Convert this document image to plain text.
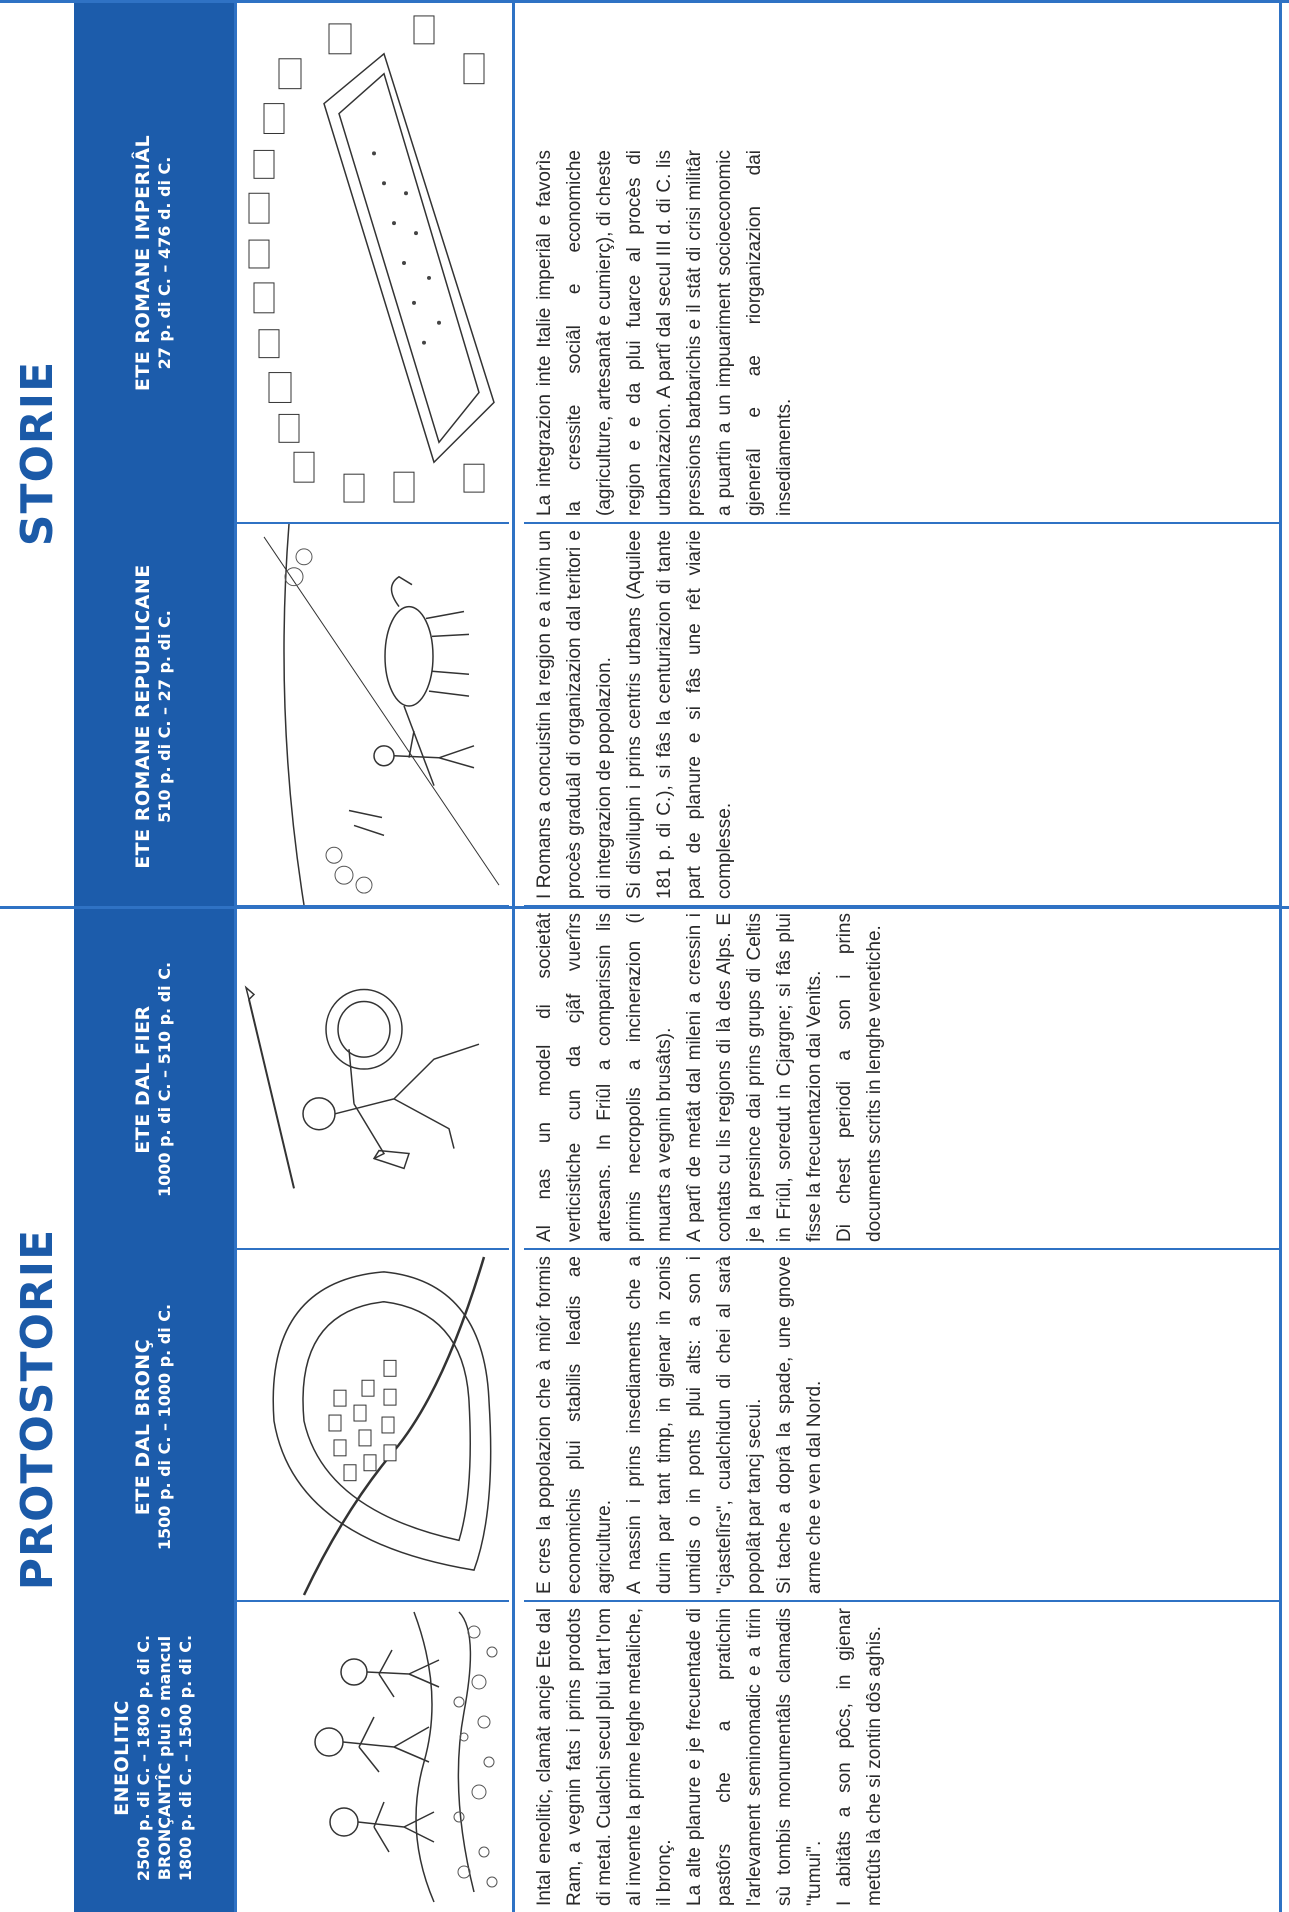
PROTOSTORIE
STORIE
ENEOLITIC 2500 p. di C. – 1800 p. di C. BRONÇANTÎC plui o mancul 1800 p. di C. – 1500 p. di C.
ETE DAL BRONÇ 1500 p. di C. – 1000 p. di C.
ETE DAL FIER 1000 p. di C. – 510 p. di C.
ETE ROMANE REPUBLICANE 510 p. di C. – 27 p. di C.
ETE ROMANE IMPERIÂL 27 p. di C. – 476 d. di C.

Intal eneolitic, clamât ancje Ete dal Ram, a vegnin fats i prins prodots di metal. Cualchi secul plui tart l'om al invente la prime leghe metaliche, il bronç. La alte planure e je frecuentade di pastôrs che a pratichin l'arlevament seminomadic e a tirin sù tombis monumentâls clamadis "tumui". I abitâts a son pôcs, in gjenar metûts là che si zontin dôs aghis.

E cres la popolazion che à miôr formis economichis plui stabilis leadis ae agriculture. A nassin i prins insediaments che a durin par tant timp, in gjenar in zonis umidis o in ponts plui alts: a son i "cjastelîrs", cualchidun di chei al sarà popolât par tancj secui. Si tache a doprâ la spade, une gnove arme che e ven dal Nord.

Al nas un model di societât verticistiche cun da cjâf vuerîrs artesans. In Friûl a comparissin lis primis necropolis a incinerazion (i muarts a vegnin brusâts). A partî de metât dal mileni a cressin i contats cu lis regjons di là des Alps. E je la presince dai prins grups di Celtis in Friûl, soredut in Cjargne; si fâs plui fisse la frecuentazion dai Venits. Di chest periodi a son i prins documents scrits in lenghe venetiche.

I Romans a concuistin la regjon e a invin un procès graduâl di organizazion dal teritori e di integrazion de popolazion. Si disvilupin i prins centris urbans (Aquilee 181 p. di C.), si fâs la centuriazion di tante part de planure e si fâs une rêt viarie complesse.

La integrazion inte Italie imperiâl e favorìs la cressite sociâl e economiche (agriculture, artesanât e cumierç), di cheste regjon e e da plui fuarce al procès di urbanizazion. A partî dal secul III d. di C. lis pressions barbarichis e il stât di crisi militâr a puartin a un impuariment socioeconomic gjenerâl e ae riorganizazion dai insediaments.
